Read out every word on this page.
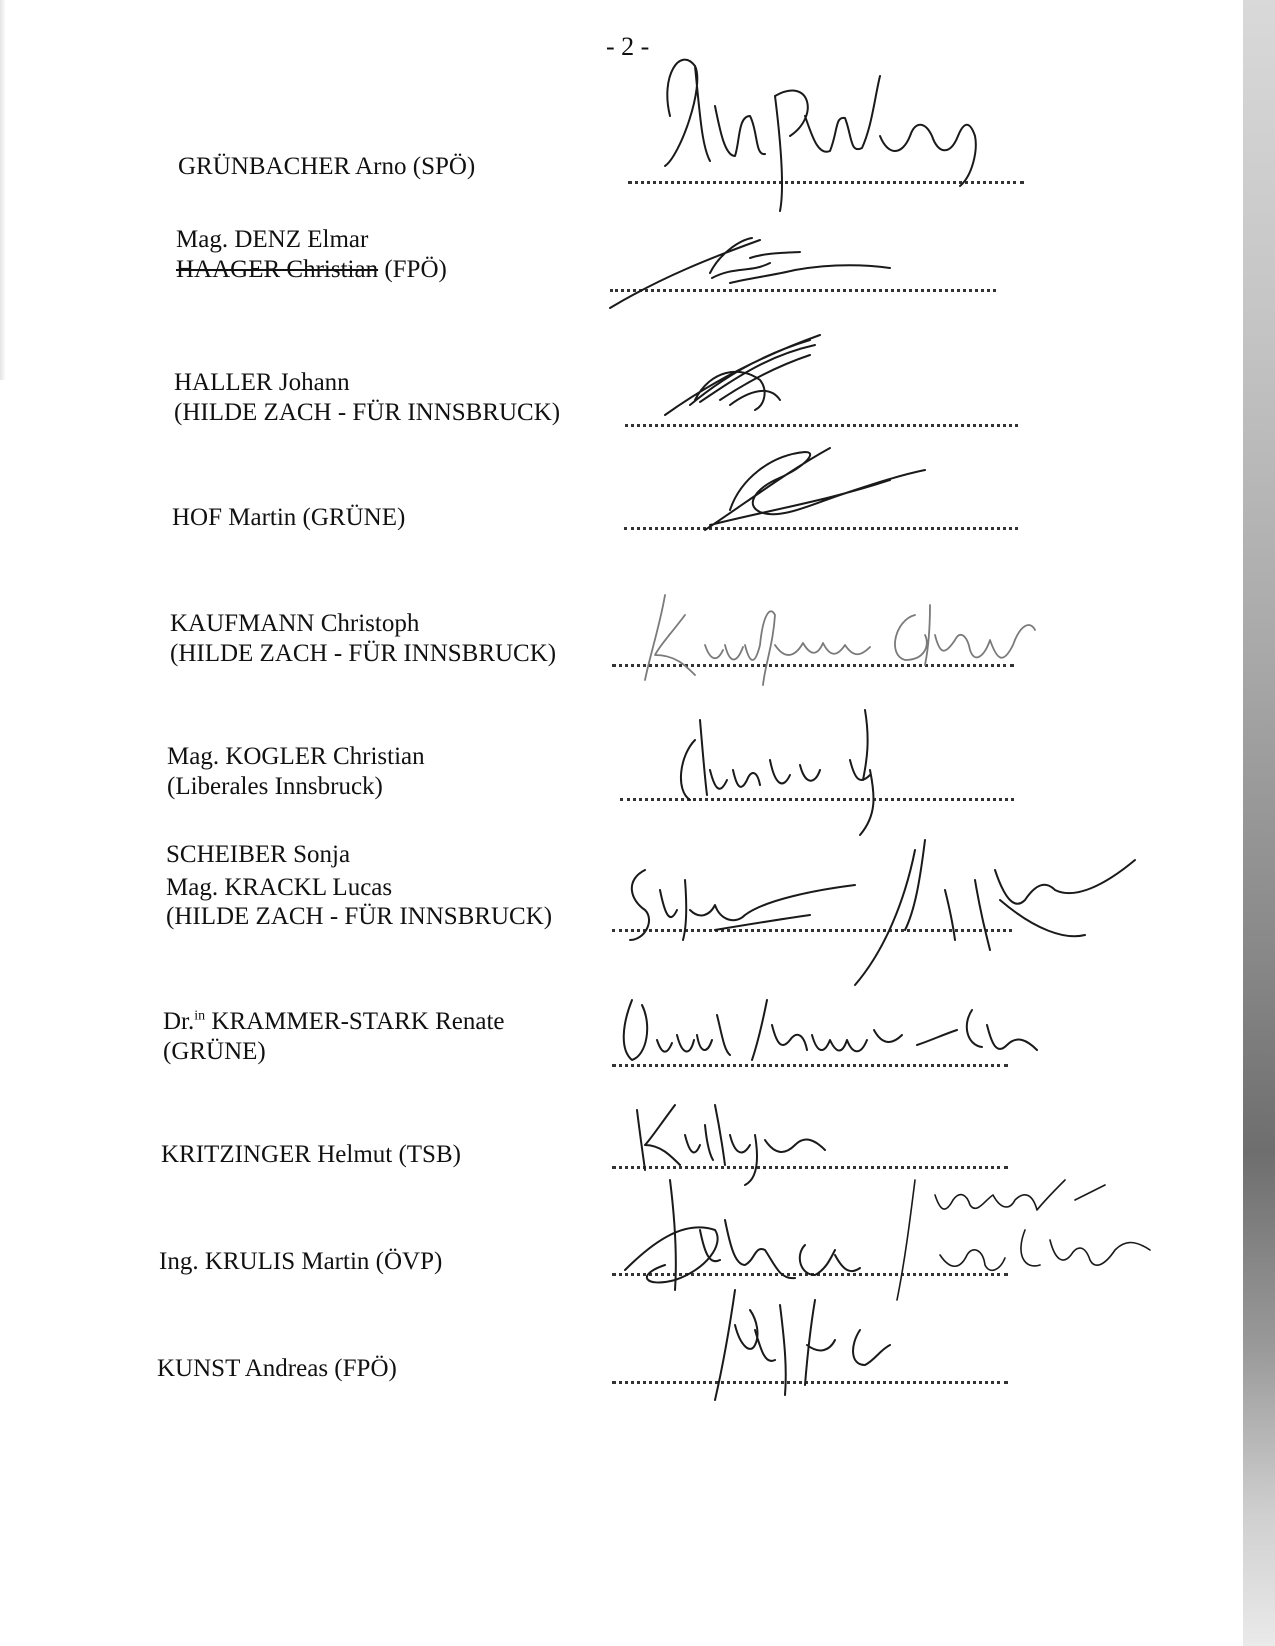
- 2 -
GRÜNBACHER Arno (SPÖ)
Mag. DENZ Elmar
HAAGER Christian (FPÖ)
HALLER Johann
(HILDE ZACH - FÜR INNSBRUCK)
HOF Martin (GRÜNE)
KAUFMANN Christoph
(HILDE ZACH - FÜR INNSBRUCK)
Mag. KOGLER Christian
(Liberales Innsbruck)
SCHEIBER Sonja
Mag. KRACKL Lucas
(HILDE ZACH - FÜR INNSBRUCK)
Dr.$^{in}$ KRAMMER-STARK Renate
(GRÜNE)
KRITZINGER Helmut (TSB)
Ing. KRULIS Martin (ÖVP)
KUNST Andreas (FPÖ)
